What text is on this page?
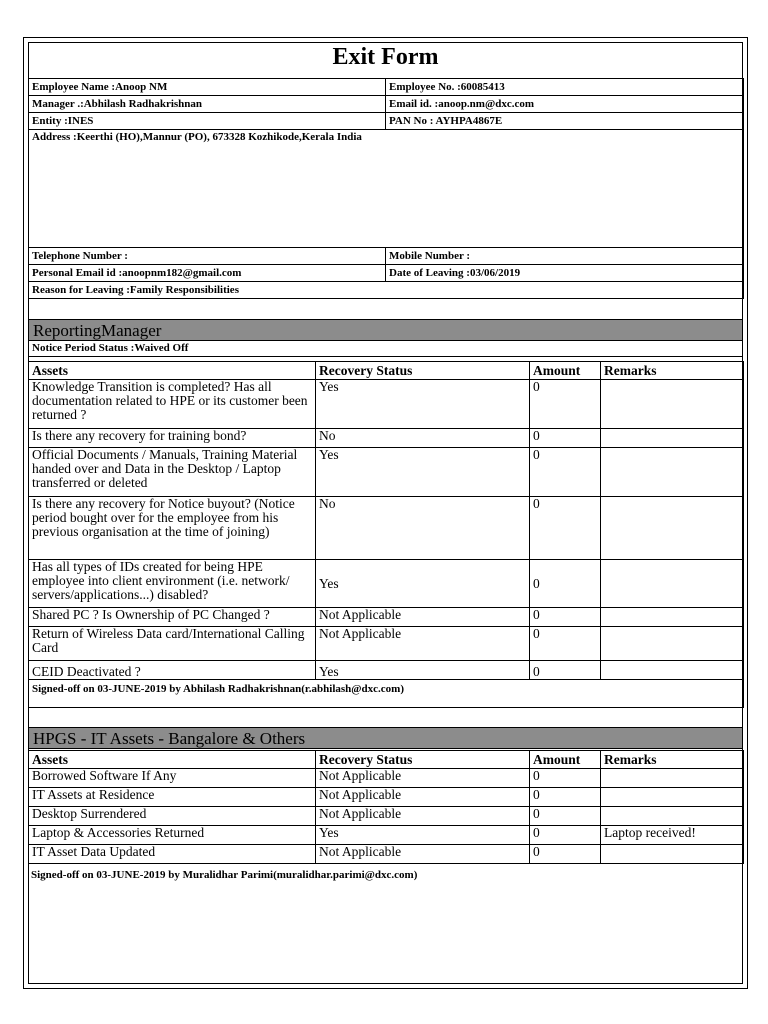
Exit Form
Employee Name :Anoop NM	Employee No. :60085413
Manager .:Abhilash Radhakrishnan	Email id. :anoop.nm@dxc.com
Entity :INES	PAN No : AYHPA4867E
Address :Keerthi (HO),Mannur (PO), 673328 Kozhikode,Kerala India	
Telephone Number :	Mobile Number :
Personal Email id :anoopnm182@gmail.com	Date of Leaving :03/06/2019
Reason for Leaving :Family Responsibilities	
ReportingManager
Notice Period Status :Waived Off
Assets	Recovery Status	Amount	Remarks
Knowledge Transition is completed? Has all documentation related to HPE or its customer been returned ?	Yes	0	
Is there any recovery for training bond?	No	0	
Official Documents / Manuals, Training Material handed over and Data in the Desktop / Laptop transferred or deleted	Yes	0	
Is there any recovery for Notice buyout? (Notice period bought over for the employee from his previous organisation at the time of joining)	No	0	
Has all types of IDs created for being HPE employee into client environment (i.e. network/ servers/applications...) disabled?	Yes	0	
Shared PC ? Is Ownership of PC Changed ?	Not Applicable	0	
Return of Wireless Data card/International Calling Card	Not Applicable	0	
CEID Deactivated ?	Yes	0	
Signed-off on 03-JUNE-2019 by Abhilash Radhakrishnan(r.abhilash@dxc.com)			
HPGS - IT Assets - Bangalore & Others
Assets	Recovery Status	Amount	Remarks
Borrowed Software If Any	Not Applicable	0	
IT Assets at Residence	Not Applicable	0	
Desktop Surrendered	Not Applicable	0	
Laptop & Accessories Returned	Yes	0	Laptop received!
IT Asset Data Updated	Not Applicable	0	
Signed-off on 03-JUNE-2019 by Muralidhar Parimi(muralidhar.parimi@dxc.com)
